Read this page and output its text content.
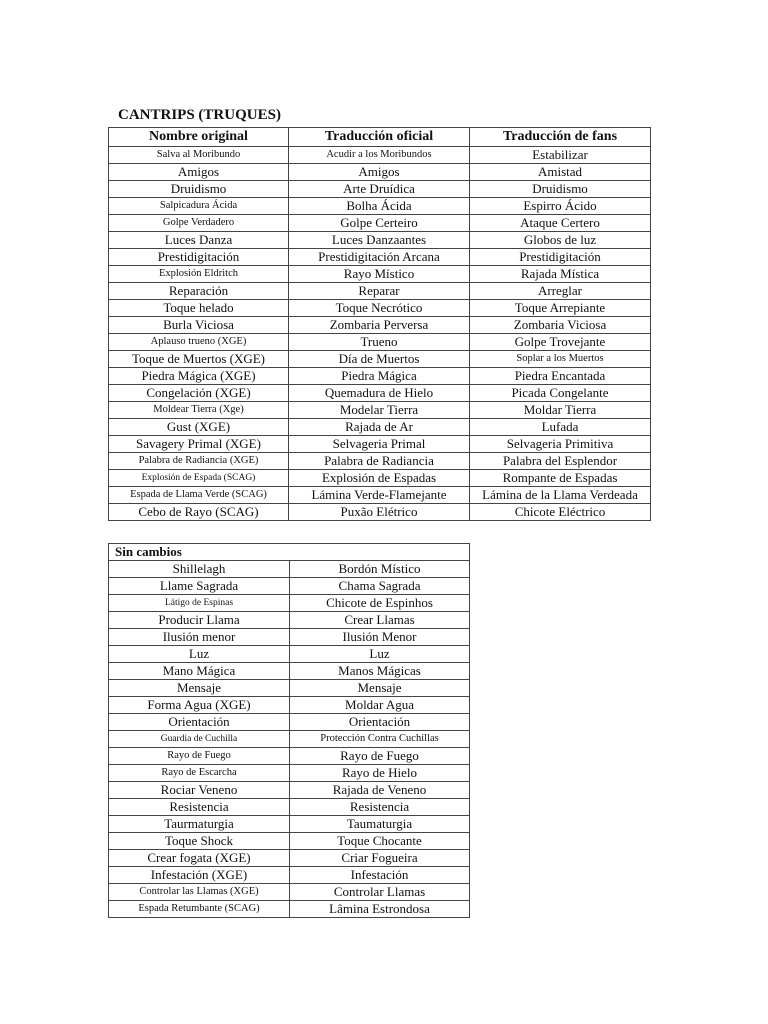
CANTRIPS (TRUQUES)
Nombre original	Traducción oficial	Traducción de fans
Salva al Moribundo	Acudir a los Moribundos	Estabilizar
Amigos	Amigos	Amistad
Druidismo	Arte Druídica	Druidismo
Salpicadura Ácida	Bolha Ácida	Espirro Ácido
Golpe Verdadero	Golpe Certeiro	Ataque Certero
Luces Danza	Luces Danzaantes	Globos de luz
Prestidigitación	Prestidigitación Arcana	Prestidigitación
Explosión Eldritch	Rayo Místico	Rajada Mística
Reparación	Reparar	Arreglar
Toque helado	Toque Necrótico	Toque Arrepiante
Burla Viciosa	Zombaria Perversa	Zombaria Viciosa
Aplauso trueno (XGE)	Trueno	Golpe Trovejante
Toque de Muertos (XGE)	Día de Muertos	Soplar a los Muertos
Piedra Mágica (XGE)	Piedra Mágica	Piedra Encantada
Congelación (XGE)	Quemadura de Hielo	Picada Congelante
Moldear Tierra (Xge)	Modelar Tierra	Moldar Tierra
Gust (XGE)	Rajada de Ar	Lufada
Savagery Primal (XGE)	Selvageria Primal	Selvageria Primitiva
Palabra de Radiancia (XGE)	Palabra de Radiancia	Palabra del Esplendor
Explosión de Espada (SCAG)	Explosión de Espadas	Rompante de Espadas
Espada de Llama Verde (SCAG)	Lámina Verde-Flamejante	Lámina de la Llama Verdeada
Cebo de Rayo (SCAG)	Puxão Elétrico	Chicote Eléctrico
Sin cambios	
Shillelagh	Bordón Místico
Llame Sagrada	Chama Sagrada
Látigo de Espinas	Chicote de Espinhos
Producir Llama	Crear Llamas
Ilusión menor	Ilusión Menor
Luz	Luz
Mano Mágica	Manos Mágicas
Mensaje	Mensaje
Forma Agua (XGE)	Moldar Agua
Orientación	Orientación
Guardia de Cuchilla	Protección Contra Cuchillas
Rayo de Fuego	Rayo de Fuego
Rayo de Escarcha	Rayo de Hielo
Rociar Veneno	Rajada de Veneno
Resistencia	Resistencia
Taurmaturgia	Taumaturgia
Toque Shock	Toque Chocante
Crear fogata (XGE)	Criar Fogueira
Infestación (XGE)	Infestación
Controlar las Llamas (XGE)	Controlar Llamas
Espada Retumbante (SCAG)	Lâmina Estrondosa
